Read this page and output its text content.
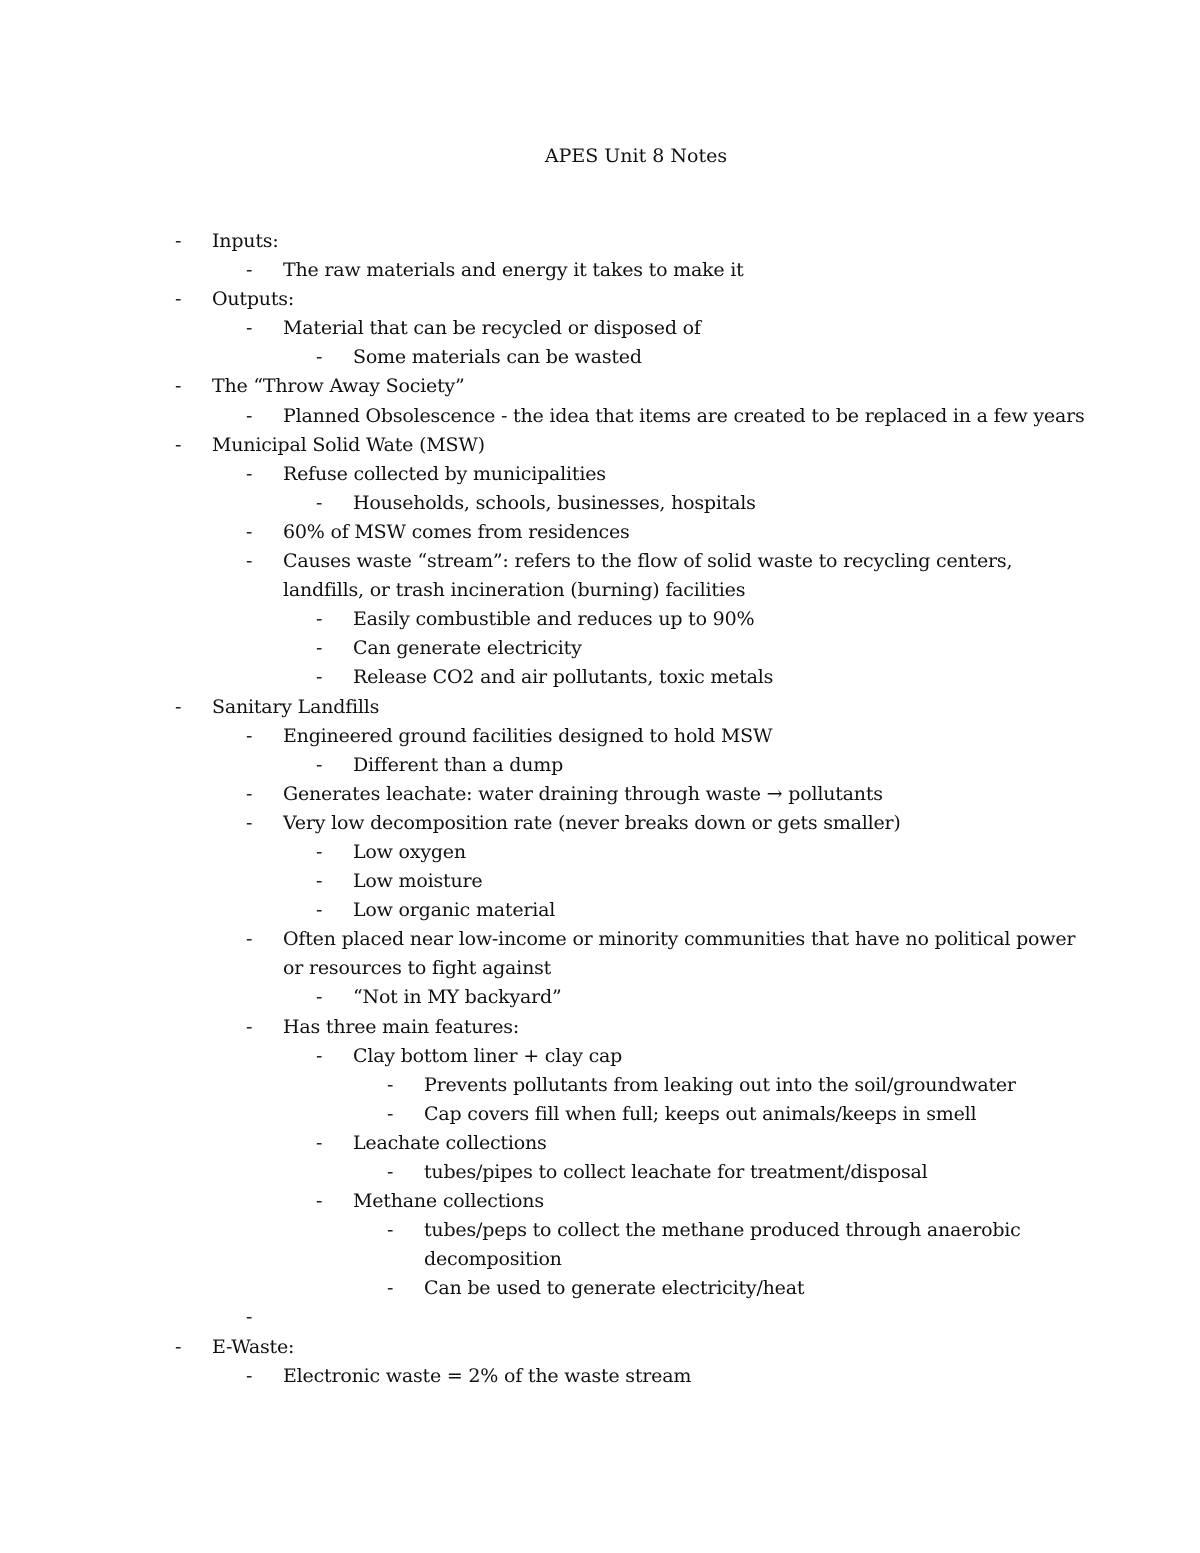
APES Unit 8 Notes
- Inputs:
- The raw materials and energy it takes to make it
- Outputs:
- Material that can be recycled or disposed of
- Some materials can be wasted
- The “Throw Away Society”
- Planned Obsolescence - the idea that items are created to be replaced in a few years
- Municipal Solid Wate (MSW)
- Refuse collected by municipalities
- Households, schools, businesses, hospitals
- 60% of MSW comes from residences
- Causes waste “stream”: refers to the flow of solid waste to recycling centers,
landfills, or trash incineration (burning) facilities
- Easily combustible and reduces up to 90%
- Can generate electricity
- Release CO2 and air pollutants, toxic metals
- Sanitary Landfills
- Engineered ground facilities designed to hold MSW
- Different than a dump
- Generates leachate: water draining through waste → pollutants
- Very low decomposition rate (never breaks down or gets smaller)
- Low oxygen
- Low moisture
- Low organic material
- Often placed near low-income or minority communities that have no political power
or resources to fight against
- “Not in MY backyard”
- Has three main features:
- Clay bottom liner + clay cap
- Prevents pollutants from leaking out into the soil/groundwater
- Cap covers fill when full; keeps out animals/keeps in smell
- Leachate collections
- tubes/pipes to collect leachate for treatment/disposal
- Methane collections
- tubes/peps to collect the methane produced through anaerobic
decomposition
- Can be used to generate electricity/heat
-
- E-Waste:
- Electronic waste = 2% of the waste stream
